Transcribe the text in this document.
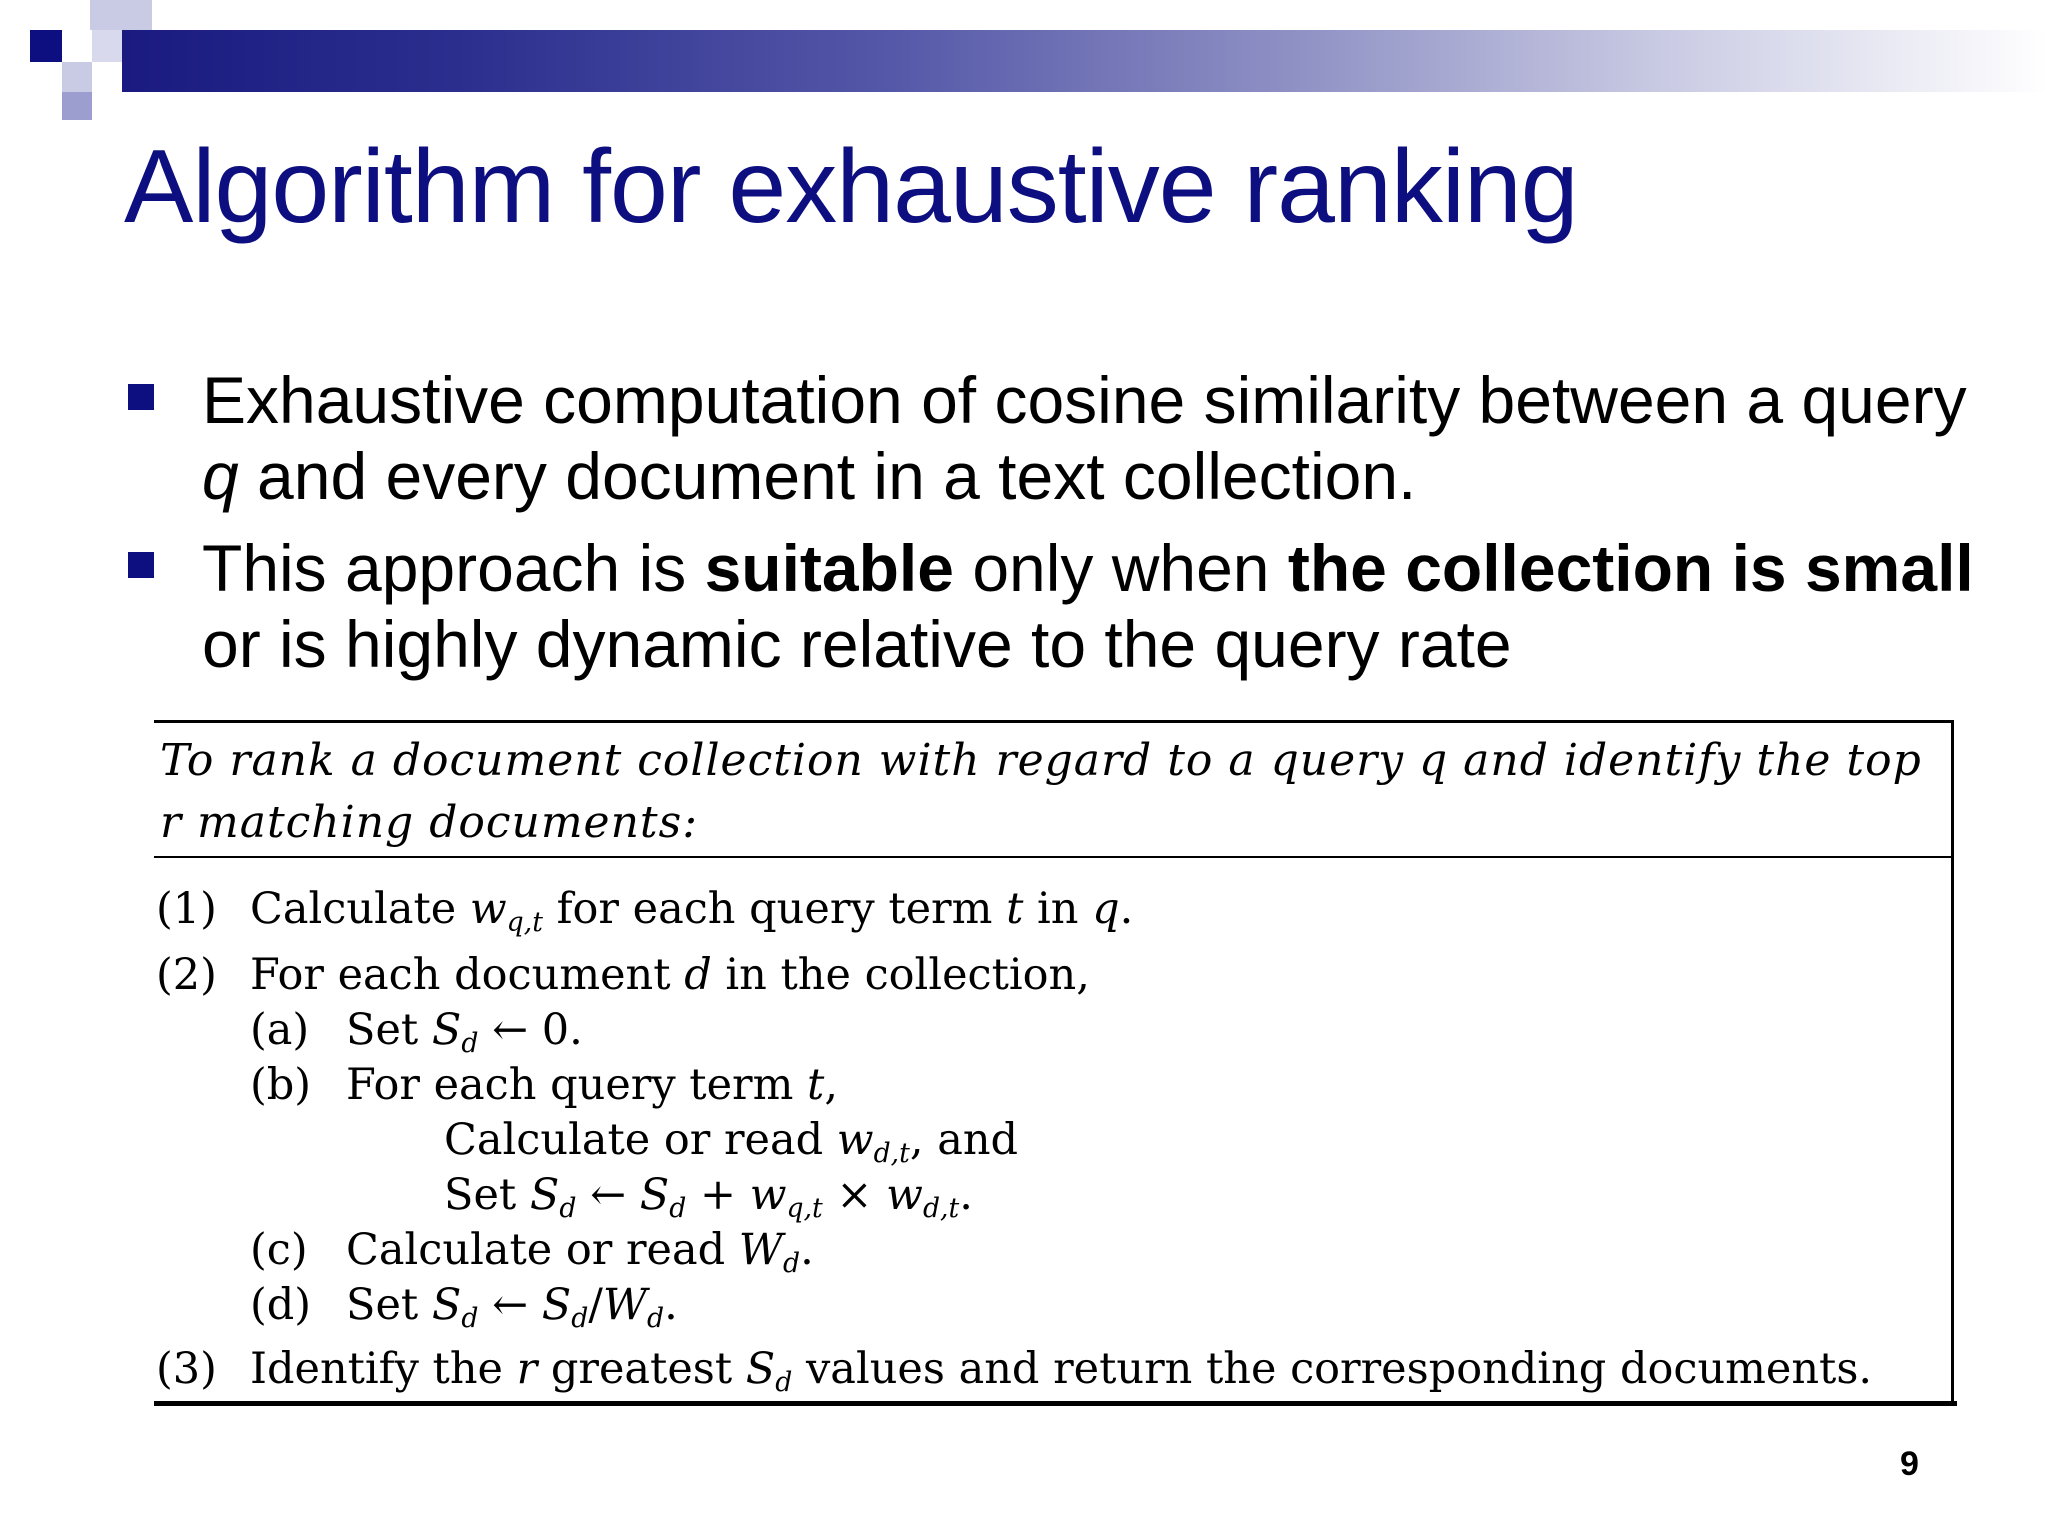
Algorithm for exhaustive ranking
Exhaustive computation of cosine similarity between a query q and every document in a text collection.
This approach is suitable only when the collection is small or is highly dynamic relative to the query rate
To rank a document collection with regard to a query q and identify the top r matching documents:
(1) Calculate $w_{q,t}$ for each query term t in q.
(2) For each document d in the collection,
(a) Set $S_d$ ← 0.
(b) For each query term t,
Calculate or read $w_{d,t}$, and
Set $S_d$ ← $S_d + w_{q,t} \times w_{d,t}$.
(c) Calculate or read $W_d$.
(d) Set $S_d$ ← $S_d/W_d$.
(3) Identify the r greatest $S_d$ values and return the corresponding documents.
9
